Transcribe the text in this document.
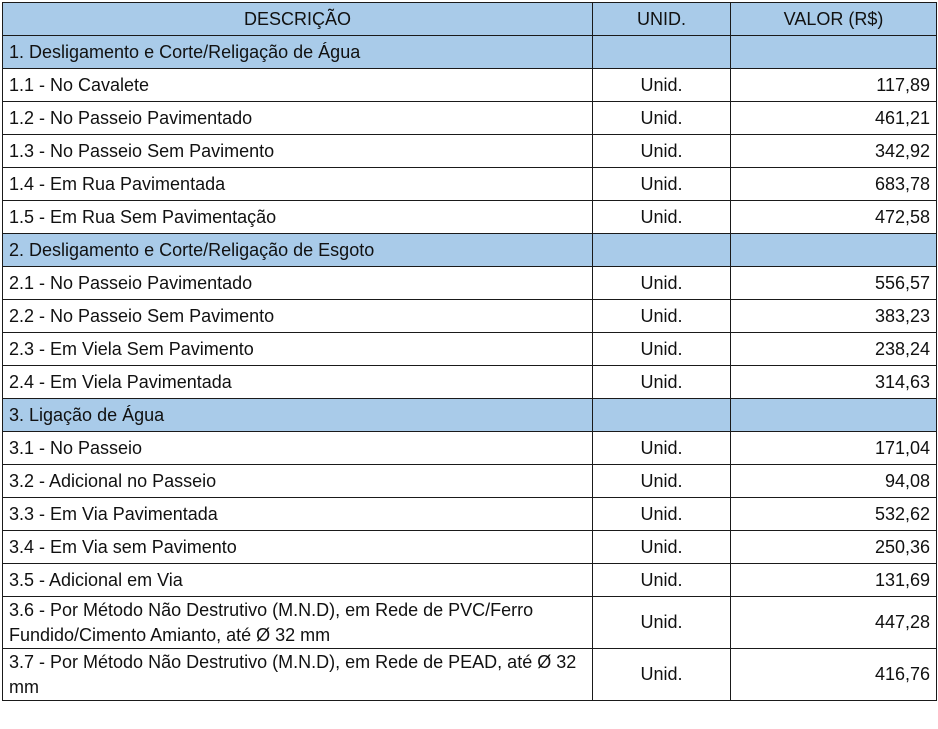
DESCRIÇÃO	UNID.	VALOR (R$)
1. Desligamento e Corte/Religação de Água		
1.1 - No Cavalete	Unid.	117,89
1.2 - No Passeio Pavimentado	Unid.	461,21
1.3 - No Passeio Sem Pavimento	Unid.	342,92
1.4 - Em Rua Pavimentada	Unid.	683,78
1.5 - Em Rua Sem Pavimentação	Unid.	472,58
2. Desligamento e Corte/Religação de Esgoto		
2.1 - No Passeio Pavimentado	Unid.	556,57
2.2 - No Passeio Sem Pavimento	Unid.	383,23
2.3 - Em Viela Sem Pavimento	Unid.	238,24
2.4 - Em Viela Pavimentada	Unid.	314,63
3. Ligação de Água		
3.1 - No Passeio	Unid.	171,04
3.2 - Adicional no Passeio	Unid.	94,08
3.3 - Em Via Pavimentada	Unid.	532,62
3.4 - Em Via sem Pavimento	Unid.	250,36
3.5 - Adicional em Via	Unid.	131,69
3.6 - Por Método Não Destrutivo (M.N.D), em Rede de PVC/Ferro Fundido/Cimento Amianto, até Ø 32 mm	Unid.	447,28
3.7 - Por Método Não Destrutivo (M.N.D), em Rede de PEAD, até Ø 32 mm	Unid.	416,76
